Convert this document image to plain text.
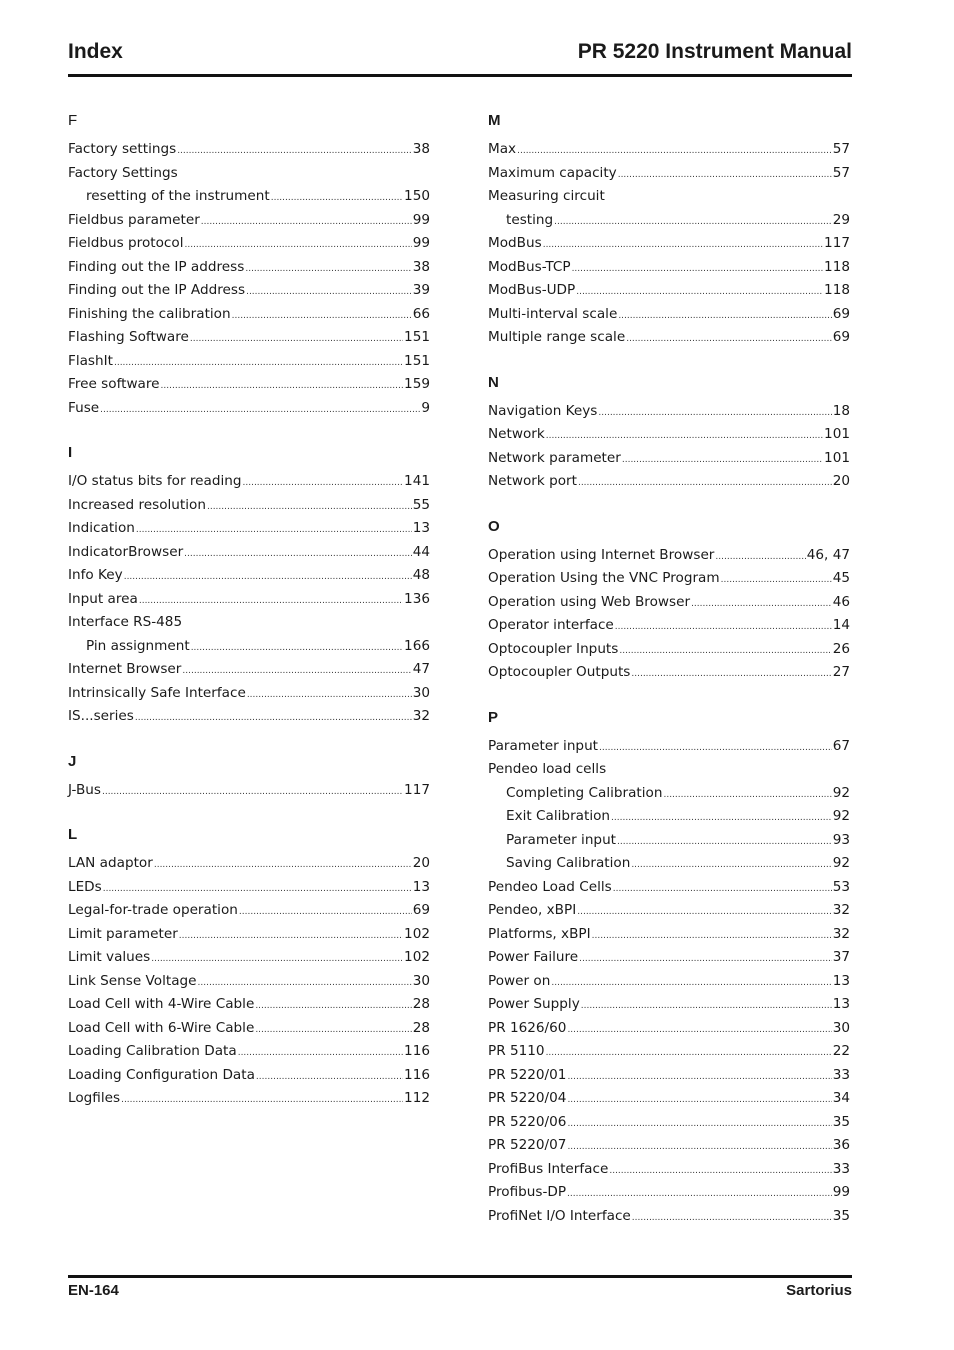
Index	PR 5220 Instrument Manual
F
Factory settings .....	38
Factory Settings
resetting of the instrument .....	150
Fieldbus parameter .....	99
Fieldbus protocol .....	99
Finding out the IP address .....	38
Finding out the IP Address .....	39
Finishing the calibration .....	66
Flashing Software .....	151
FlashIt .....	151
Free software .....	159
Fuse .....	9
I
I/O status bits for reading .....	141
Increased resolution .....	55
Indication .....	13
IndicatorBrowser .....	44
Info Key .....	48
Input area .....	136
Interface RS-485
Pin assignment .....	166
Internet Browser .....	47
Intrinsically Safe Interface .....	30
IS...series .....	32
J
J-Bus .....	117
L
LAN adaptor .....	20
LEDs .....	13
Legal-for-trade operation .....	69
Limit parameter .....	102
Limit values .....	102
Link Sense Voltage .....	30
Load Cell with 4-Wire Cable .....	28
Load Cell with 6-Wire Cable .....	28
Loading Calibration Data .....	116
Loading Configuration Data .....	116
Logfiles .....	112
M
Max .....	57
Maximum capacity .....	57
Measuring circuit
testing .....	29
ModBus .....	117
ModBus-TCP .....	118
ModBus-UDP .....	118
Multi-interval scale .....	69
Multiple range scale .....	69
N
Navigation Keys .....	18
Network .....	101
Network parameter .....	101
Network port .....	20
O
Operation using Internet Browser .....	46, 47
Operation Using the VNC Program .....	45
Operation using Web Browser .....	46
Operator interface .....	14
Optocoupler Inputs .....	26
Optocoupler Outputs .....	27
P
Parameter input .....	67
Pendeo load cells
Completing Calibration .....	92
Exit Calibration .....	92
Parameter input .....	93
Saving Calibration .....	92
Pendeo Load Cells .....	53
Pendeo, xBPI .....	32
Platforms, xBPI .....	32
Power Failure .....	37
Power on .....	13
Power Supply .....	13
PR 1626/60 .....	30
PR 5110 .....	22
PR 5220/01 .....	33
PR 5220/04 .....	34
PR 5220/06 .....	35
PR 5220/07 .....	36
ProfiBus Interface .....	33
Profibus-DP .....	99
ProfiNet I/O Interface .....	35
EN-164	Sartorius
